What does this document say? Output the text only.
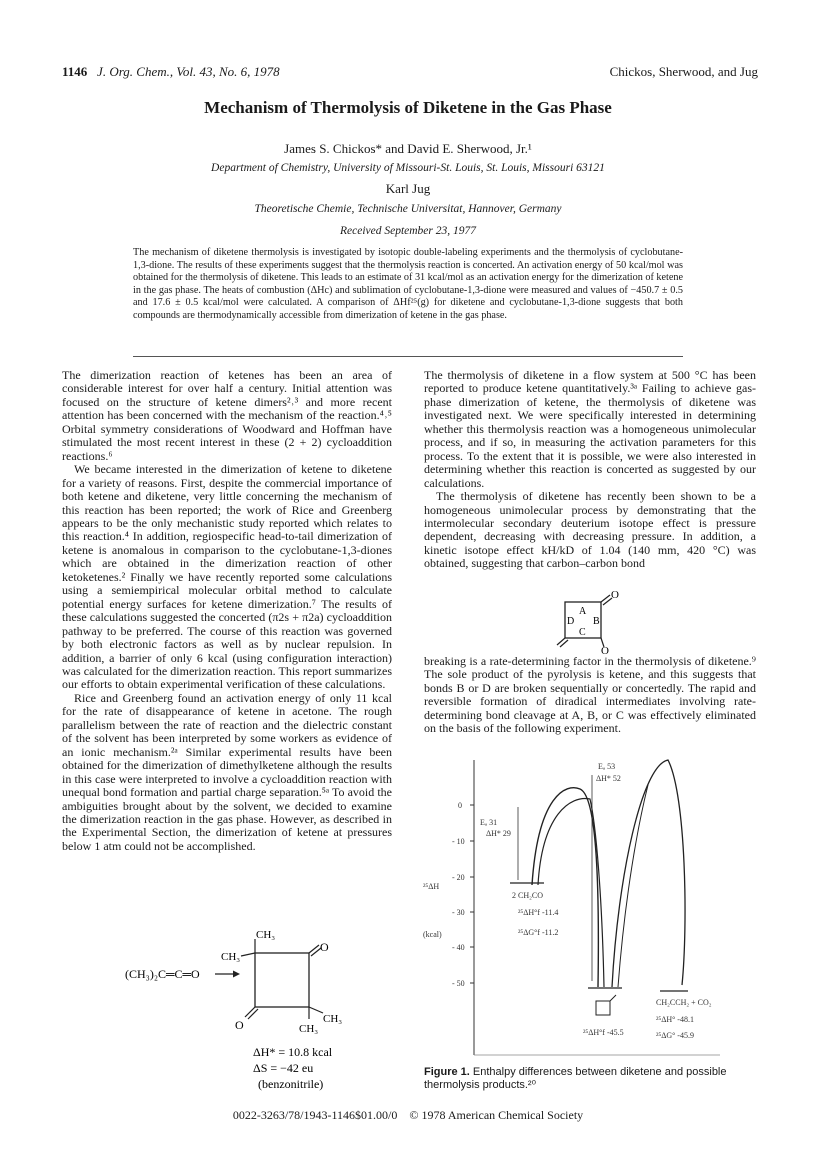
1146 J. Org. Chem., Vol. 43, No. 6, 1978	Chickos, Sherwood, and Jug
Mechanism of Thermolysis of Diketene in the Gas Phase
James S. Chickos* and David E. Sherwood, Jr.¹
Department of Chemistry, University of Missouri-St. Louis, St. Louis, Missouri 63121
Karl Jug
Theoretische Chemie, Technische Universitat, Hannover, Germany
Received September 23, 1977
The mechanism of diketene thermolysis is investigated by isotopic double-labeling experiments and the thermolysis of cyclobutane-1,3-dione. The results of these experiments suggest that the thermolysis reaction is concerted. An activation energy of 50 kcal/mol was obtained for the thermolysis of diketene. This leads to an estimate of 31 kcal/mol as an activation energy for the dimerization of ketene in the gas phase. The heats of combustion (ΔHc) and sublimation of cyclobutane-1,3-dione were measured and values of −450.7 ± 0.5 and 17.6 ± 0.5 kcal/mol were calculated. A comparison of ΔHf²⁵(g) for diketene and cyclobutane-1,3-dione suggests that both compounds are thermodynamically accessible from dimerization of ketene in the gas phase.

The dimerization reaction of ketenes has been an area of considerable interest for over half a century. Initial attention was focused on the structure of ketene dimers²˒³ and more recent attention has been concerned with the mechanism of the reaction.⁴˒⁵ Orbital symmetry considerations of Woodward and Hoffman have stimulated the most recent interest in these (2 + 2) cycloaddition reactions.⁶

We became interested in the dimerization of ketene to diketene for a variety of reasons. First, despite the commercial importance of both ketene and diketene, very little concerning the mechanism of this reaction has been reported; the work of Rice and Greenberg appears to be the only mechanistic study reported which relates to this reaction.⁴ In addition, regiospecific head-to-tail dimerization of ketene is anomalous in comparison to the cyclobutane-1,3-diones which are obtained in the dimerization reaction of other ketoketenes.² Finally we have recently reported some calculations using a semiempirical molecular orbital method to calculate potential energy surfaces for ketene dimerization.⁷ The results of these calculations suggested the concerted (π2s + π2a) cycloaddition pathway to be preferred. The course of this reaction was governed by both electronic factors as well as by nuclear repulsion. In addition, a barrier of only 6 kcal (using configuration interaction) was calculated for the dimerization reaction. This report summarizes our efforts to obtain experimental verification of these calculations.

Rice and Greenberg found an activation energy of only 11 kcal for the rate of disappearance of ketene in acetone. The rough parallelism between the rate of reaction and the dielectric constant of the solvent has been interpreted by some workers as evidence of an ionic mechanism.²ᵃ Similar experimental results have been obtained for the dimerization of dimethylketene although the results in this case were interpreted to involve a cycloaddition reaction with unequal bond formation and partial charge separation.⁵ᵃ To avoid the ambiguities brought about by the solvent, we decided to examine the dimerization reaction in the gas phase. However, as described in the Experimental Section, the dimerization of ketene at pressures below 1 atm could not be accomplished.

(CH₃)₂C═C═O
CH₃
CH₃
CH₃
CH₃
O
O
ΔH* = 10.8 kcal
ΔS = −42 eu
(benzonitrile)

The thermolysis of diketene in a flow system at 500 °C has been reported to produce ketene quantitatively.³ᵃ Failing to achieve gas-phase dimerization of ketene, the thermolysis of diketene was investigated next. We were specifically interested in determining whether this thermolysis reaction was a homogeneous unimolecular process, and if so, in measuring the activation parameters for this process. To the extent that it is possible, we were also interested in determining whether this reaction is concerted as suggested by our calculations.

The thermolysis of diketene has recently been shown to be a homogeneous unimolecular process by demonstrating that the intermolecular secondary deuterium isotope effect is pressure dependent, decreasing with decreasing pressure. In addition, a kinetic isotope effect kH/kD of 1.04 (140 mm, 420 °C) was obtained, suggesting that carbon–carbon bond

A
B
C
D
O
O

breaking is a rate-determining factor in the thermolysis of diketene.⁹ The sole product of the pyrolysis is ketene, and this suggests that bonds B or D are broken sequentially or concertedly. The rapid and reversible formation of diradical intermediates involving rate-determining bond cleavage at A, B, or C was effectively eliminated on the basis of the following experiment.

0
- 10
- 20
- 30
- 40
- 50
²⁵ΔH
(kcal)
Eₐ 31
ΔH* 29
Eₐ 53
ΔH* 52
2 CH₂CO
²⁵ΔH°f -11.4
²⁵ΔG°f -11.2
²⁵ΔH°f -45.5
CH₂CCH₂ + CO₂
²⁵ΔH° -48.1
²⁵ΔG° -45.9
Figure 1. Enthalpy differences between diketene and possible thermolysis products.²⁰
0022-3263/78/1943-1146$01.00/0 © 1978 American Chemical Society
